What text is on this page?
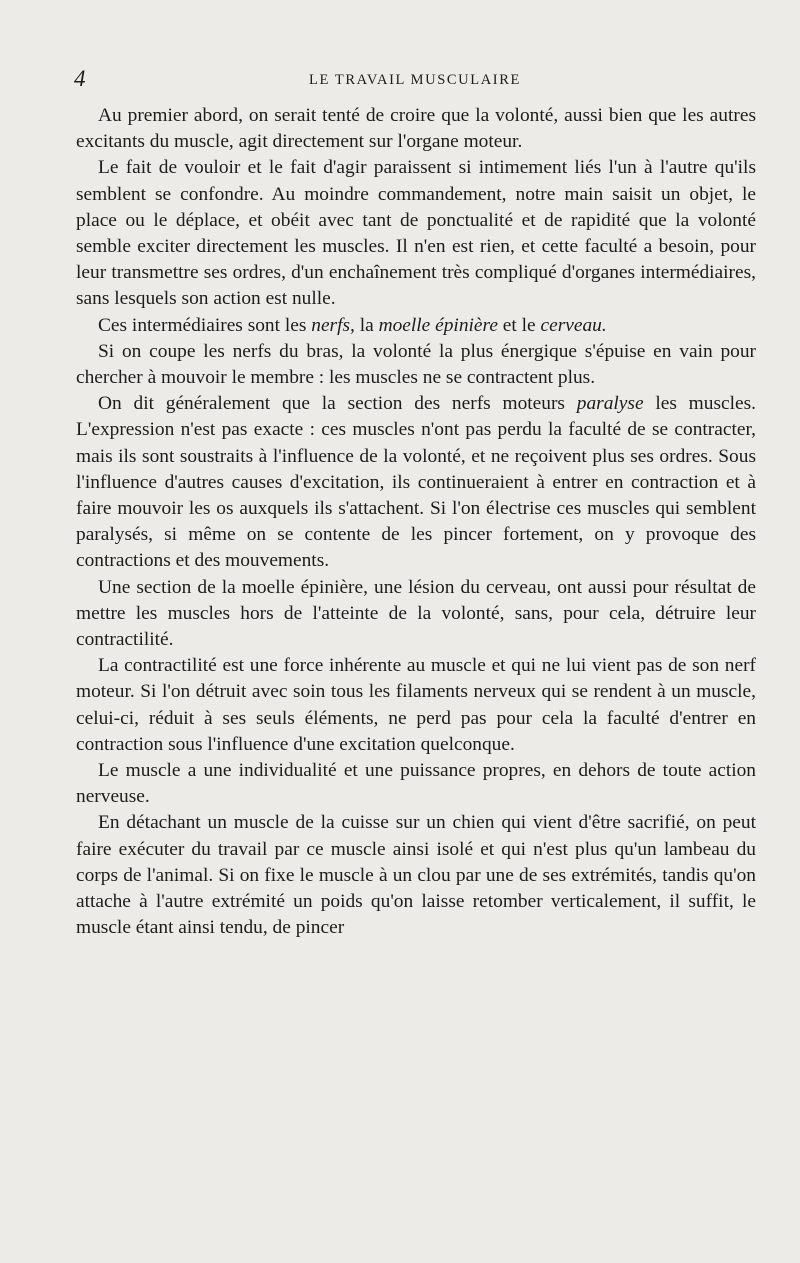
4	LE TRAVAIL MUSCULAIRE

Au premier abord, on serait tenté de croire que la volonté, aussi bien que les autres excitants du muscle, agit directement sur l'organe moteur.

Le fait de vouloir et le fait d'agir paraissent si intimement liés l'un à l'autre qu'ils semblent se confondre. Au moindre commandement, notre main saisit un objet, le place ou le déplace, et obéit avec tant de ponctualité et de rapidité que la volonté semble exciter directement les muscles. Il n'en est rien, et cette faculté a besoin, pour leur transmettre ses ordres, d'un enchaînement très compliqué d'organes intermédiaires, sans lesquels son action est nulle.

Ces intermédiaires sont les nerfs, la moelle épinière et le cerveau.

Si on coupe les nerfs du bras, la volonté la plus énergique s'épuise en vain pour chercher à mouvoir le membre : les muscles ne se contractent plus.

On dit généralement que la section des nerfs moteurs paralyse les muscles. L'expression n'est pas exacte : ces muscles n'ont pas perdu la faculté de se contracter, mais ils sont soustraits à l'influence de la volonté, et ne reçoivent plus ses ordres. Sous l'influence d'autres causes d'excitation, ils continueraient à entrer en contraction et à faire mouvoir les os auxquels ils s'attachent. Si l'on électrise ces muscles qui semblent paralysés, si même on se contente de les pincer fortement, on y provoque des contractions et des mouvements.

Une section de la moelle épinière, une lésion du cerveau, ont aussi pour résultat de mettre les muscles hors de l'atteinte de la volonté, sans, pour cela, détruire leur contractilité.

La contractilité est une force inhérente au muscle et qui ne lui vient pas de son nerf moteur. Si l'on détruit avec soin tous les filaments nerveux qui se rendent à un muscle, celui-ci, réduit à ses seuls éléments, ne perd pas pour cela la faculté d'entrer en contraction sous l'influence d'une excitation quelconque.

Le muscle a une individualité et une puissance propres, en dehors de toute action nerveuse.

En détachant un muscle de la cuisse sur un chien qui vient d'être sacrifié, on peut faire exécuter du travail par ce muscle ainsi isolé et qui n'est plus qu'un lambeau du corps de l'animal. Si on fixe le muscle à un clou par une de ses extrémités, tandis qu'on attache à l'autre extrémité un poids qu'on laisse retomber verticalement, il suffit, le muscle étant ainsi tendu, de pincer
